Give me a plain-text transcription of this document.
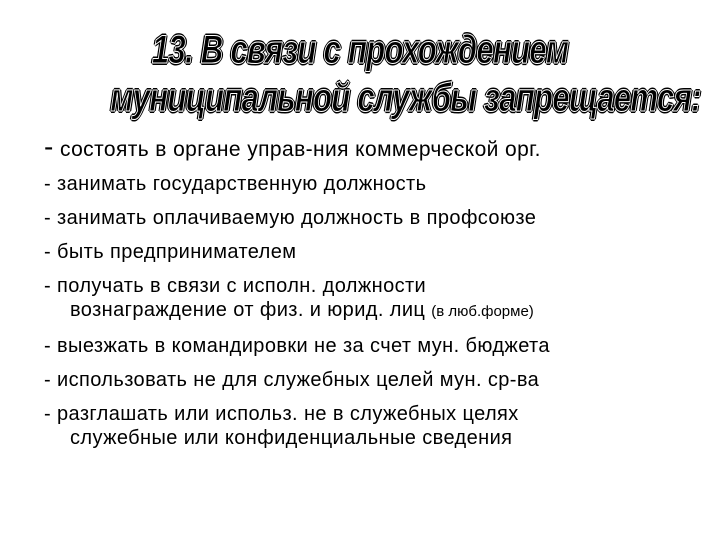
13. В связи с прохождением
муниципальной службы запрещается:
- состоять в органе управ-ния коммерческой орг.
- занимать государственную должность
- занимать оплачиваемую должность в профсоюзе
- быть предпринимателем
- получать в связи с исполн. должности
вознаграждение от физ. и юрид. лиц (в люб.форме)
- выезжать в командировки не за счет мун. бюджета
- использовать не для служебных целей мун. ср-ва
- разглашать или использ. не в служебных целях
служебные или конфиденциальные сведения
